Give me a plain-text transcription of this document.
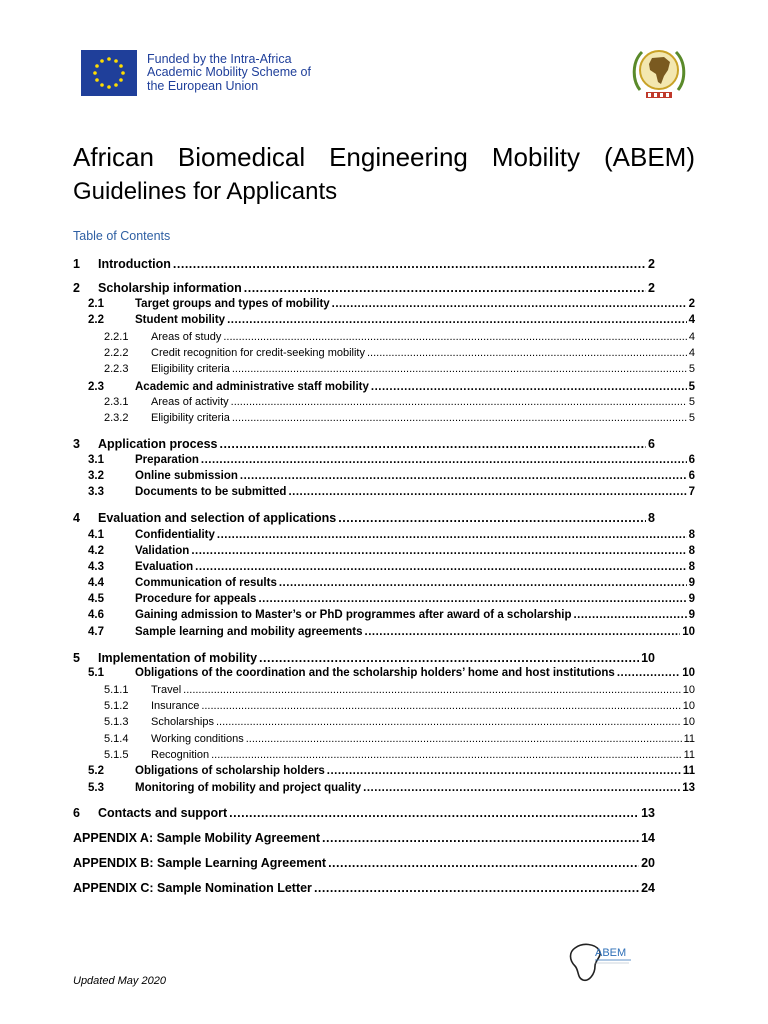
Funded by the Intra-Africa
Academic Mobility Scheme of
the European Union
African Biomedical Engineering Mobility (ABEM)
Guidelines for Applicants
Table of Contents
1	Introduction .....	2
2	Scholarship information .....	2
2.1	Target groups and types of mobility .....	2
2.2	Student mobility .....	4
2.2.1	Areas of study .....	4
2.2.2	Credit recognition for credit-seeking mobility .....	4
2.2.3	Eligibility criteria .....	5
2.3	Academic and administrative staff mobility .....	5
2.3.1	Areas of activity .....	5
2.3.2	Eligibility criteria .....	5
3	Application process .....	6
3.1	Preparation .....	6
3.2	Online submission .....	6
3.3	Documents to be submitted .....	7
4	Evaluation and selection of applications .....	8
4.1	Confidentiality .....	8
4.2	Validation .....	8
4.3	Evaluation .....	8
4.4	Communication of results .....	9
4.5	Procedure for appeals .....	9
4.6	Gaining admission to Master’s or PhD programmes after award of a scholarship .....	9
4.7	Sample learning and mobility agreements .....	10
5	Implementation of mobility .....	10
5.1	Obligations of the coordination and the scholarship holders’ home and host institutions .....	10
5.1.1	Travel .....	10
5.1.2	Insurance .....	10
5.1.3	Scholarships .....	10
5.1.4	Working conditions .....	11
5.1.5	Recognition .....	11
5.2	Obligations of scholarship holders .....	11
5.3	Monitoring of mobility and project quality .....	13
6	Contacts and support .....	13
APPENDIX A: Sample Mobility Agreement .....	14
APPENDIX B: Sample Learning Agreement .....	20
APPENDIX C: Sample Nomination Letter .....	24
ABEM
Updated May 2020
